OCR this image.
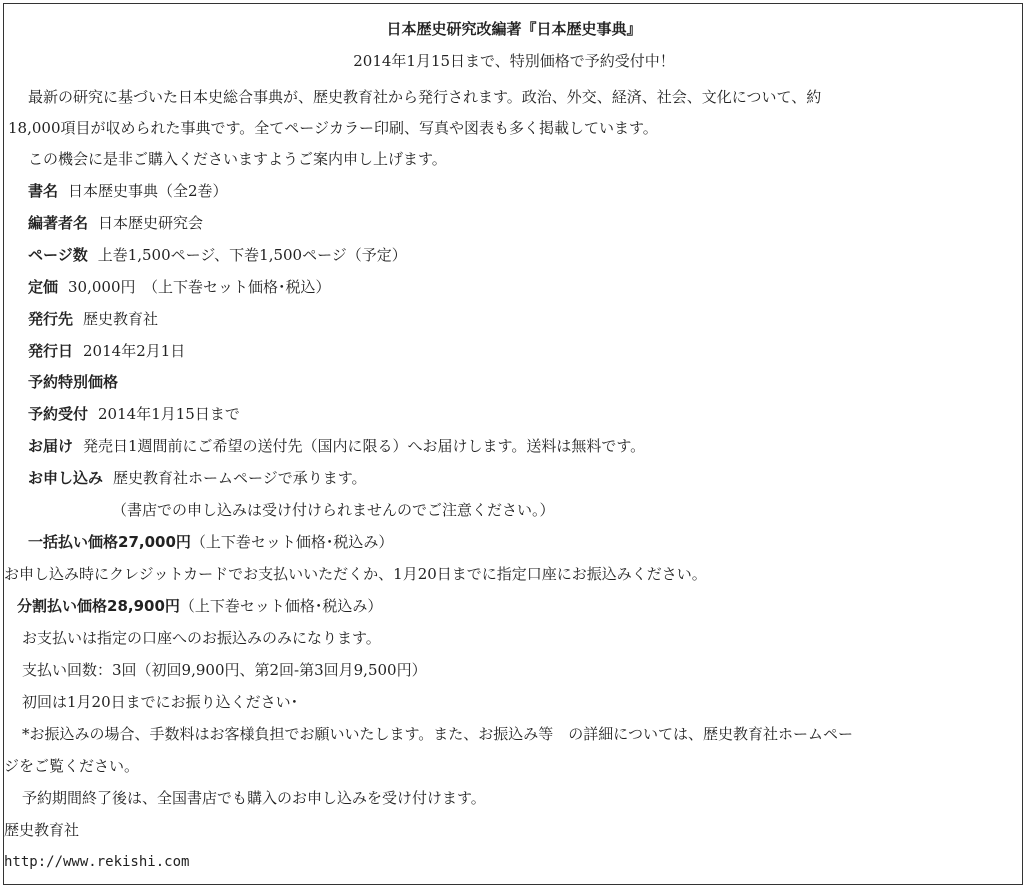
日本歴史研究改編著『日本歴史事典』
2014年1月15日まで、特別価格で予約受付中！
最新の研究に基づいた日本史総合事典が、歴史教育社から発行されます。政治、外交、経済、社会、文化について、約
18,000項目が収められた事典です。全てページカラー印刷、写真や図表も多く掲載しています。
この機会に是非ご購入くださいますようご案内申し上げます。
書名 日本歴史事典（全2巻）
編著者名 日本歴史研究会
ページ数 上巻1,500ページ、下巻1,500ページ（予定）
定価 30,000円　（上下巻セット価格･税込）
発行先 歴史教育社
発行日 2014年2月1日
予約特別価格
予約受付 2014年1月15日まで
お届け 発売日1週間前にご希望の送付先（国内に限る）へお届けします。送料は無料です。
お申し込み 歴史教育社ホームページで承ります。
（書店での申し込みは受け付けられませんのでご注意ください。）
一括払い価格27,000円（上下巻セット価格･税込み）
お申し込み時にクレジットカードでお支払いいただくか、1月20日までに指定口座にお振込みください。
分割払い価格28,900円（上下巻セット価格･税込み）
お支払いは指定の口座へのお振込みのみになります。
支払い回数：3回（初回9,900円、第2回-第3回月9,500円）
初回は1月20日までにお振り込ください･
*お振込みの場合、手数料はお客様負担でお願いいたします。また、お振込み等　の詳細については、歴史教育社ホームペー
ジをご覧ください。
予約期間終了後は、全国書店でも購入のお申し込みを受け付けます。
歴史教育社
http://www.rekishi.com
